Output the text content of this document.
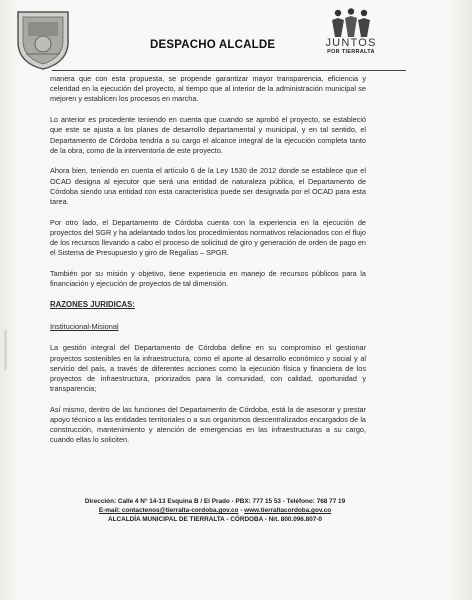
DESPACHO ALCALDE	JUNTOS
POR TIERRALTA

manera que con esta propuesta, se propende garantizar mayor transparencia, eficiencia y celeridad en la ejecución del proyecto, al tiempo que al interior de la administración municipal se mejoren y establicen los procesos en marcha.

Lo anterior es procedente teniendo en cuenta que cuando se aprobó el proyecto, se estableció que este se ajusta a los planes de desarrollo departamental y municipal, y en tal sentido, el Departamento de Córdoba tendría a su cargo el alcance integral de la ejecución completa tanto de la obra, como de la interventoría de este proyecto.

Ahora bien, teniendo en cuenta el artículo 6 de la Ley 1530 de 2012 donde se establece que el OCAD designa al ejecutor que será una entidad de naturaleza pública, el Departamento de Córdoba siendo una entidad con esta característica puede ser designada por el OCAD para esta tarea.

Por otro lado, el Departamento de Córdoba cuenta con la experiencia en la ejecución de proyectos del SGR y ha adelantado todos los procedimientos normativos relacionados con el flujo de los recursos llevando a cabo el proceso de solicitud de giro y generación de orden de pago en el Sistema de Presupuesto y giro de Regalías – SPGR.

También por su misión y objetivo, tiene experiencia en manejo de recursos públicos para la financiación y ejecución de proyectos de tal dimensión.

RAZONES JURIDICAS:
Institucional-Misional

La gestión integral del Departamento de Córdoba define en su compromiso el gestionar proyectos sostenibles en la infraestructura, como el aporte al desarrollo económico y social y al servicio del país, a través de diferentes acciones como la ejecución física y financiera de los proyectos de infraestructura, priorizados para la comunidad, con calidad, oportunidad y transparencia;

Así mismo, dentro de las funciones del Departamento de Córdoba, está la de asesorar y prestar apoyo técnico a las entidades territoriales o a sus organismos descentralizados encargados de la construcción, mantenimiento y atención de emergencias en las infraestructuras a su cargo, cuando ellas lo soliciten.

Dirección: Calle 4 N° 14-13 Esquina B / El Prado - PBX: 777 15 53 - Teléfono: 768 77 19
E-mail: contactenos@tierralta-cordoba.gov.co - www.tierraltacordoba.gov.co
ALCALDÍA MUNICIPAL DE TIERRALTA - CÓRDOBA - Nit. 800.096.807-0
